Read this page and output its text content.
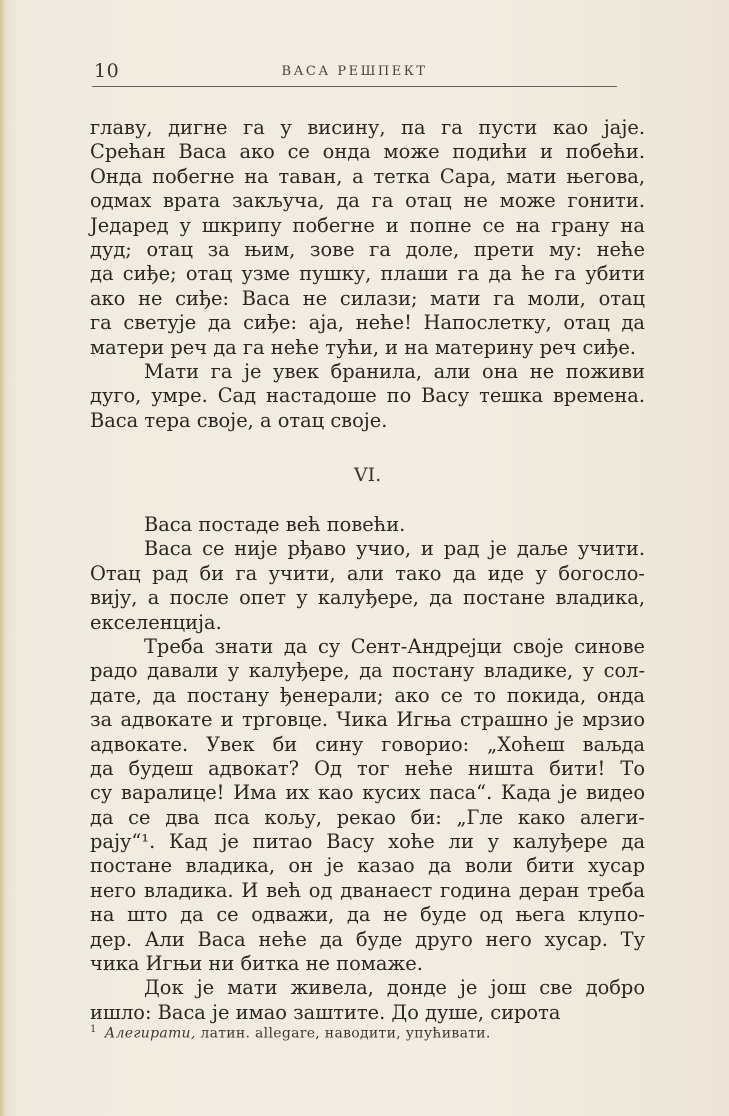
10	ВАСА РЕШПЕКТ
главу, дигне га у висину, па га пусти као јаје.
Срећан Васа ако се онда може подићи и побећи.
Онда побегне на таван, а тетка Сара, мати његова,
одмах врата закључа, да га отац не може гонити.
Једаред у шкрипу побегне и попне се на грану на
дуд; отац за њим, зове га доле, прети му: неће
да сиђе; отац узме пушку, плаши га да ће га убити
ако не сиђе: Васа не силази; мати га моли, отац
га светује да сиђе: аја, неће! Напослетку, отац да
матери реч да га неће тући, и на материну реч сиђе.
Мати га је увек бранила, али она не поживи
дуго, умре. Сад настадоше по Васу тешка времена.
Васа тера своје, а отац своје.
VI.
Васа постаде већ повећи.
Васа се није рђаво учио, и рад је даље учити.
Отац рад би га учити, али тако да иде у богосло-
вију, а после опет у калуђере, да постане владика,
екселенција.
Треба знати да су Сент-Андрејци своје синове
радо давали у калуђере, да постану владике, у сол-
дате, да постану ђенерали; ако се то покида, онда
за адвокате и трговце. Чика Игња страшно је мрзио
адвокате. Увек би сину говорио: „Хоћеш ваљда
да будеш адвокат? Од тог неће ништа бити! То
су варалице! Има их као кусих паса“. Када је видео
да се два пса кољу, рекао би: „Гле како алеги-
рају“¹. Кад је питао Васу хоће ли у калуђере да
постане владика, он је казао да воли бити хусар
него владика. И већ од дванаест година деран треба
на што да се одважи, да не буде од њега клупо-
дер. Али Васа неће да буде друго него хусар. Ту
чика Игњи ни битка не помаже.
Док је мати живела, донде је још све добро
ишло: Васа је имао заштите. До душе, сирота
$^1$ Алегирати, латин. allegare, наводити, упућивати.
